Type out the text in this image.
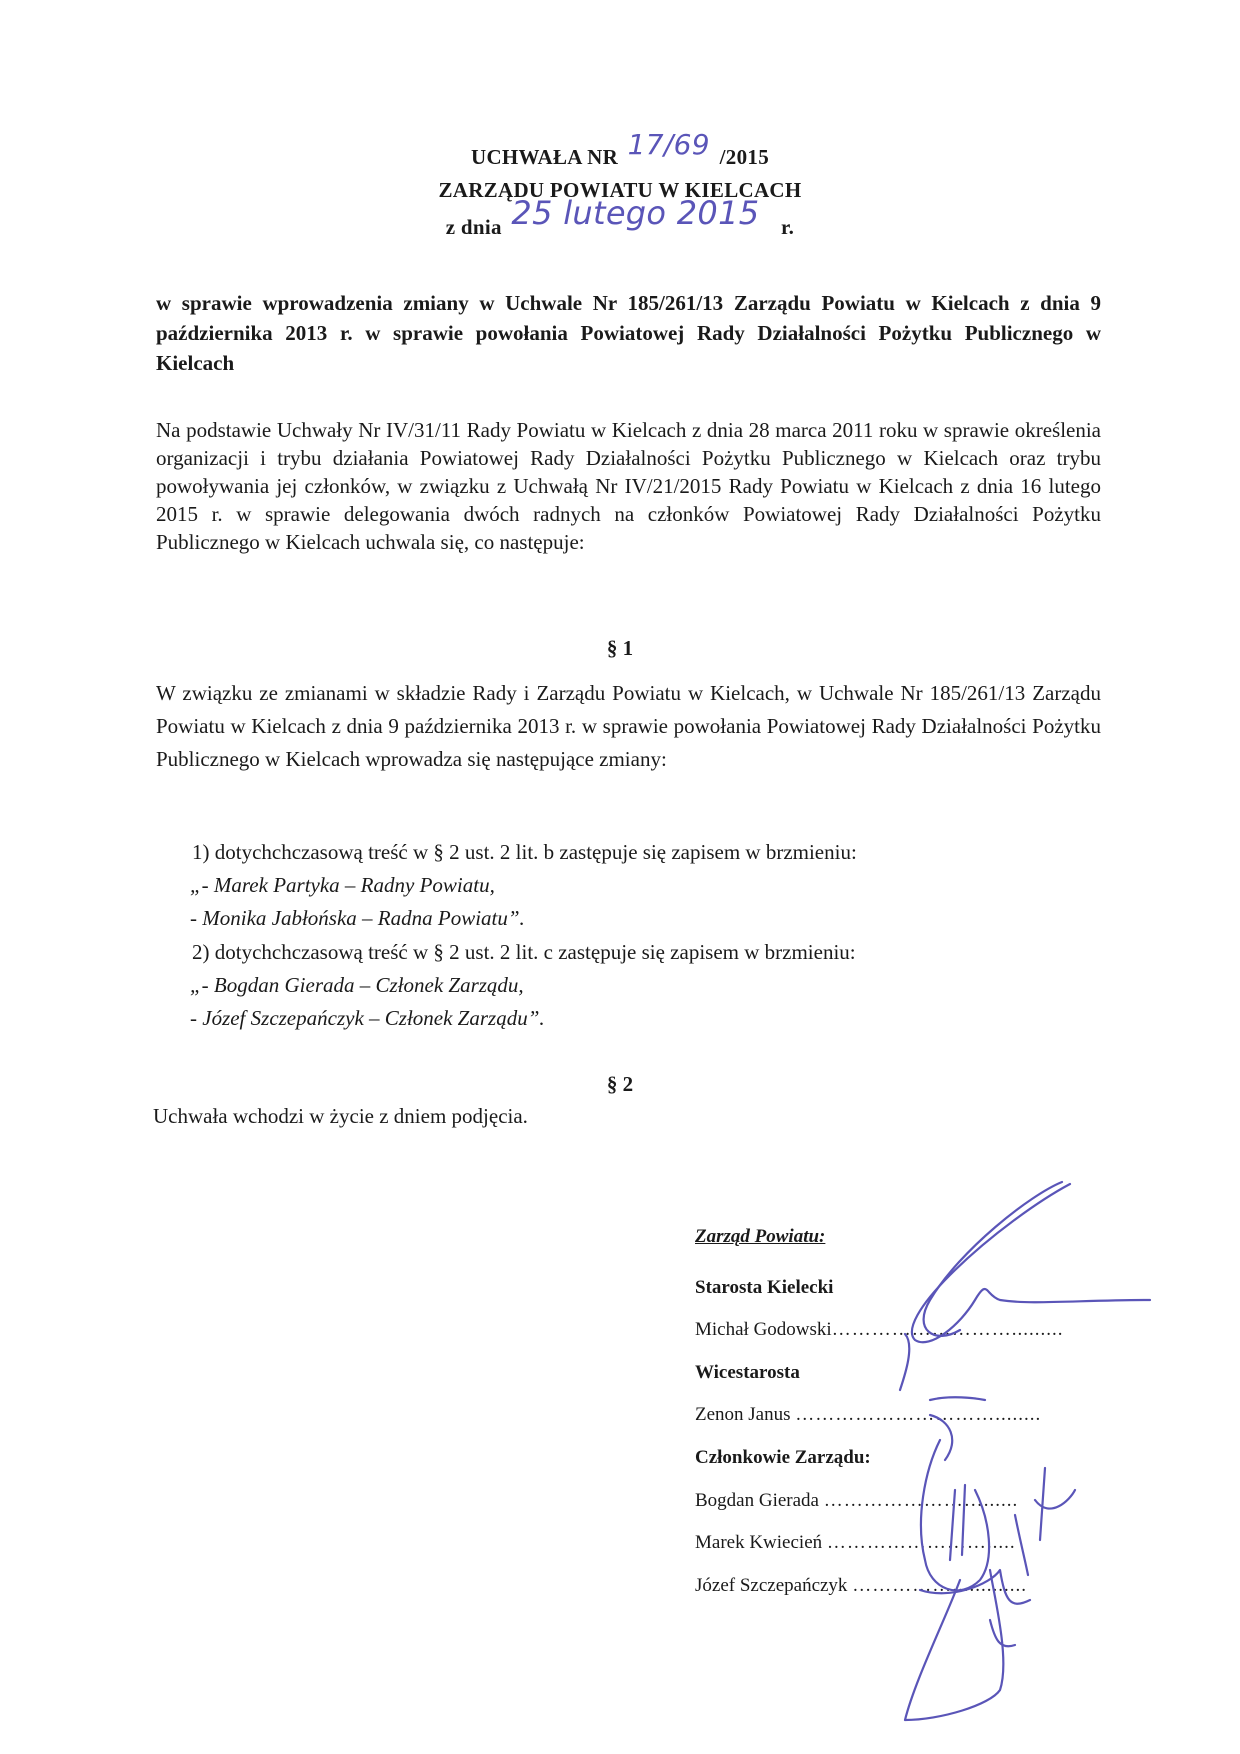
UCHWAŁA NR 17/69 /2015
ZARZĄDU POWIATU W KIELCACH
z dnia 25 lutego 2015 r.
w sprawie wprowadzenia zmiany w Uchwale Nr 185/261/13 Zarządu Powiatu w Kielcach z dnia 9 października 2013 r. w sprawie powołania Powiatowej Rady Działalności Pożytku Publicznego w Kielcach
Na podstawie Uchwały Nr IV/31/11 Rady Powiatu w Kielcach z dnia 28 marca 2011 roku w sprawie określenia organizacji i trybu działania Powiatowej Rady Działalności Pożytku Publicznego w Kielcach oraz trybu powoływania jej członków, w związku z Uchwałą Nr IV/21/2015 Rady Powiatu w Kielcach z dnia 16 lutego 2015 r. w sprawie delegowania dwóch radnych na członków Powiatowej Rady Działalności Pożytku Publicznego w Kielcach uchwala się, co następuje:
§ 1
W związku ze zmianami w składzie Rady i Zarządu Powiatu w Kielcach, w Uchwale Nr 185/261/13 Zarządu Powiatu w Kielcach z dnia 9 października 2013 r. w sprawie powołania Powiatowej Rady Działalności Pożytku Publicznego w Kielcach wprowadza się następujące zmiany:
1) dotychchczasową treść w § 2 ust. 2 lit. b zastępuje się zapisem w brzmieniu:
„- Marek Partyka – Radny Powiatu,
- Monika Jabłońska – Radna Powiatu”.
2) dotychchczasową treść w § 2 ust. 2 lit. c zastępuje się zapisem w brzmieniu:
„- Bogdan Gierada – Członek Zarządu,
- Józef Szczepańczyk – Członek Zarządu”.
§ 2
Uchwała wchodzi w życie z dniem podjęcia.
Zarząd Powiatu:
Starosta Kielecki
Michał Godowski……………………….........
Wicestarosta
Zenon Janus …………………………........
Członkowie Zarządu:
Bogdan Gierada ……………………......
Marek Kwiecień …………………….....
Józef Szczepańczyk …………….............
